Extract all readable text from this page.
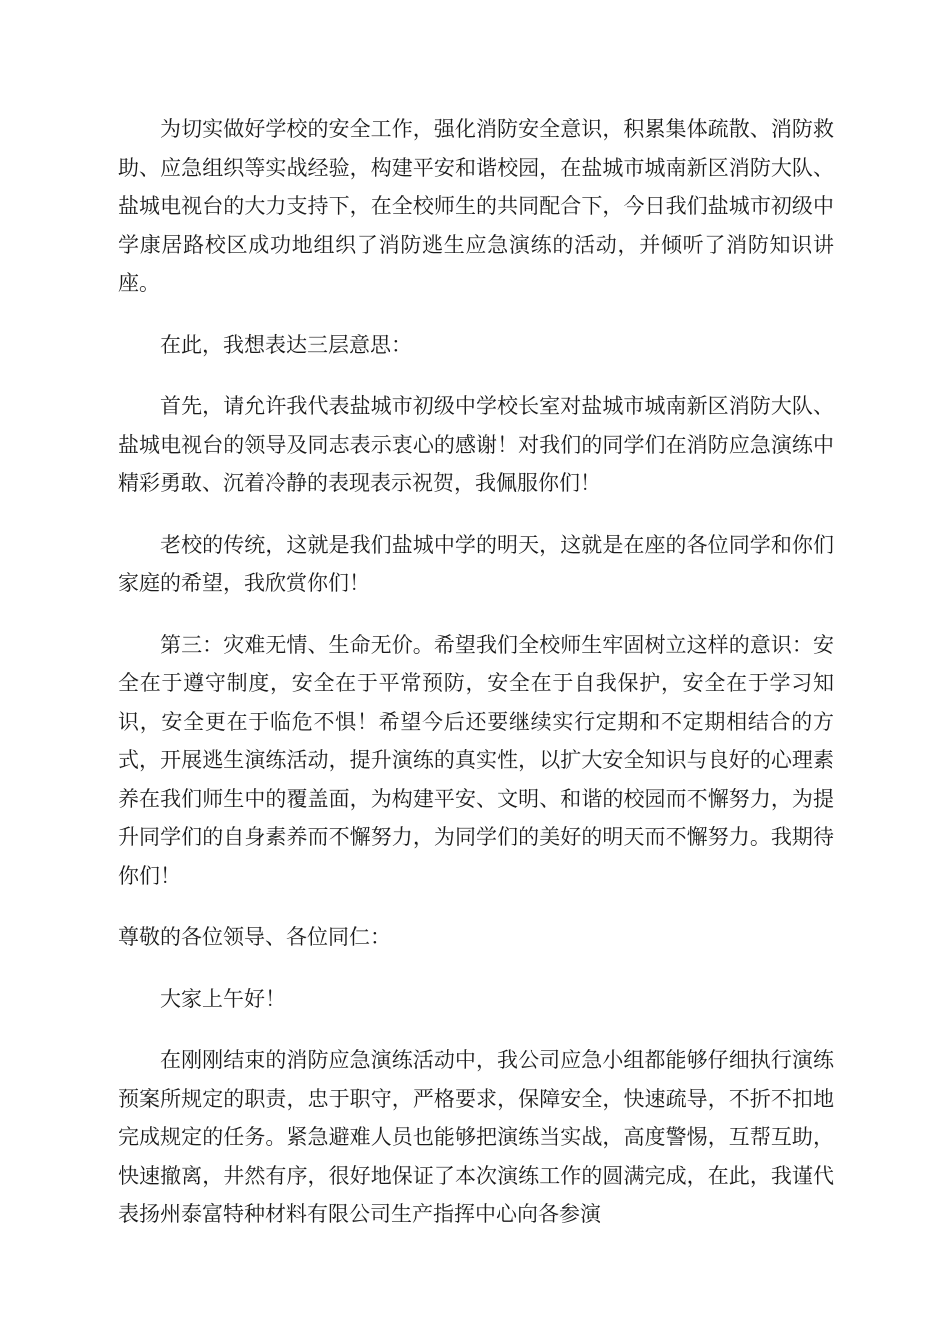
为切实做好学校的安全工作，强化消防安全意识，积累集体疏散、消防救助、应急组织等实战经验，构建平安和谐校园，在盐城市城南新区消防大队、盐城电视台的大力支持下，在全校师生的共同配合下，今日我们盐城市初级中学康居路校区成功地组织了消防逃生应急演练的活动，并倾听了消防知识讲座。

在此，我想表达三层意思：

首先，请允许我代表盐城市初级中学校长室对盐城市城南新区消防大队、盐城电视台的领导及同志表示衷心的感谢！对我们的同学们在消防应急演练中精彩勇敢、沉着冷静的表现表示祝贺，我佩服你们！

老校的传统，这就是我们盐城中学的明天，这就是在座的各位同学和你们家庭的希望，我欣赏你们！

第三：灾难无情、生命无价。希望我们全校师生牢固树立这样的意识：安全在于遵守制度，安全在于平常预防，安全在于自我保护，安全在于学习知识，安全更在于临危不惧！希望今后还要继续实行定期和不定期相结合的方式，开展逃生演练活动，提升演练的真实性，以扩大安全知识与良好的心理素养在我们师生中的覆盖面，为构建平安、文明、和谐的校园而不懈努力，为提升同学们的自身素养而不懈努力，为同学们的美好的明天而不懈努力。我期待你们！

尊敬的各位领导、各位同仁：

大家上午好！

在刚刚结束的消防应急演练活动中，我公司应急小组都能够仔细执行演练预案所规定的职责，忠于职守，严格要求，保障安全，快速疏导，不折不扣地完成规定的任务。紧急避难人员也能够把演练当实战，高度警惕，互帮互助，快速撤离，井然有序，很好地保证了本次演练工作的圆满完成，在此，我谨代表扬州泰富特种材料有限公司生产指挥中心向各参演
